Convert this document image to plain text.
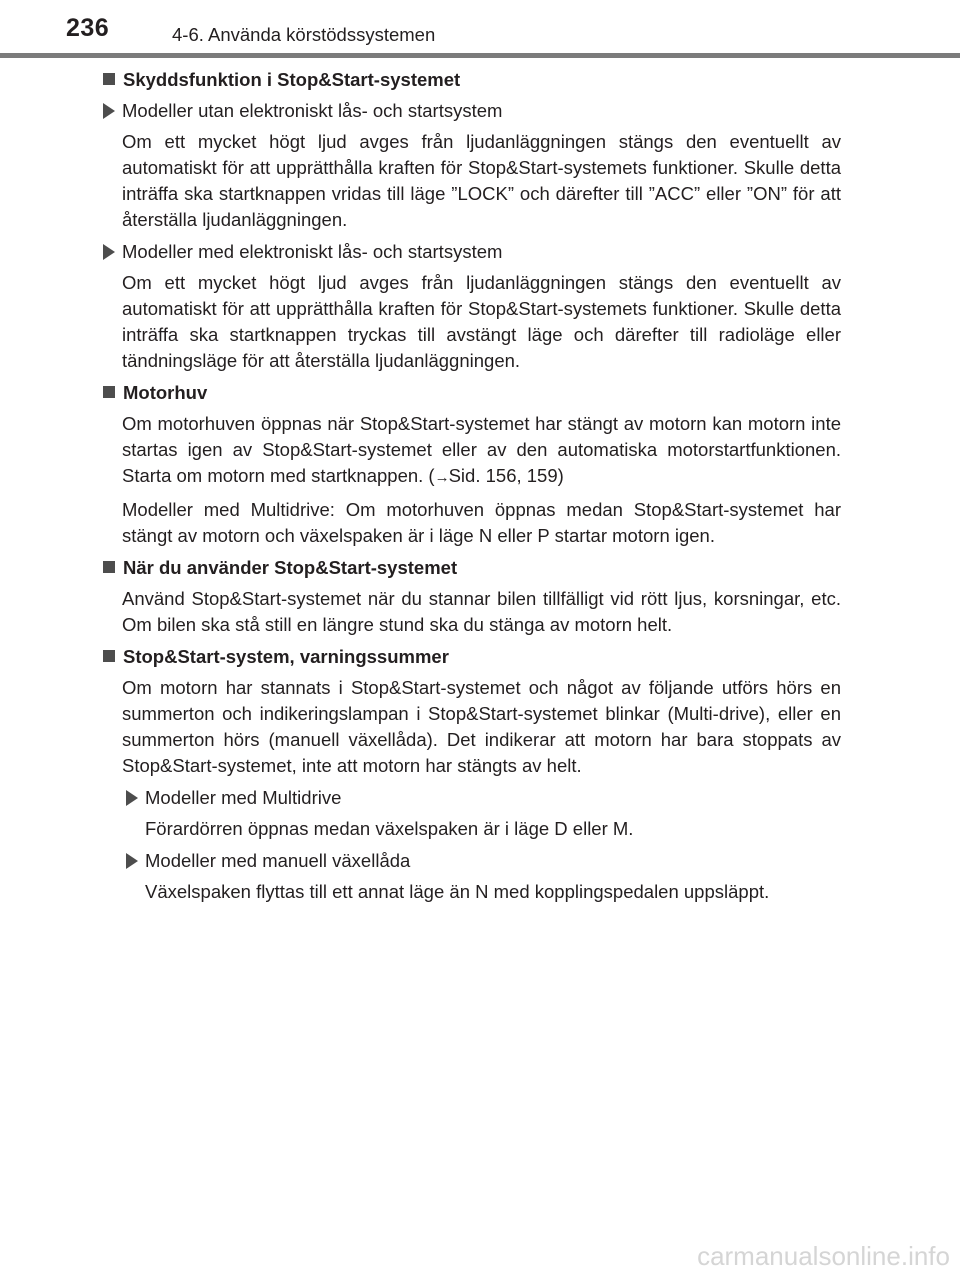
236	4-6. Använda körstödssystemen
Skyddsfunktion i Stop&Start-systemet
Modeller utan elektroniskt lås- och startsystem

Om ett mycket högt ljud avges från ljudanläggningen stängs den eventuellt av automatiskt för att upprätthålla kraften för Stop&Start-systemets funktioner. Skulle detta inträffa ska startknappen vridas till läge ”LOCK” och därefter till ”ACC” eller ”ON” för att återställa ljudanläggningen.

Modeller med elektroniskt lås- och startsystem

Om ett mycket högt ljud avges från ljudanläggningen stängs den eventuellt av automatiskt för att upprätthålla kraften för Stop&Start-systemets funktioner. Skulle detta inträffa ska startknappen tryckas till avstängt läge och därefter till radioläge eller tändningsläge för att återställa ljudanläggningen.

Motorhuv

Om motorhuven öppnas när Stop&Start-systemet har stängt av motorn kan motorn inte startas igen av Stop&Start-systemet eller av den automatiska motorstartfunktionen. Starta om motorn med startknappen. (→Sid. 156, 159)

Modeller med Multidrive: Om motorhuven öppnas medan Stop&Start-systemet har stängt av motorn och växelspaken är i läge N eller P startar motorn igen.

När du använder Stop&Start-systemet

Använd Stop&Start-systemet när du stannar bilen tillfälligt vid rött ljus, korsningar, etc. Om bilen ska stå still en längre stund ska du stänga av motorn helt.

Stop&Start-system, varningssummer

Om motorn har stannats i Stop&Start-systemet och något av följande utförs hörs en summerton och indikeringslampan i Stop&Start-systemet blinkar (Multi-drive), eller en summerton hörs (manuell växellåda). Det indikerar att motorn har bara stoppats av Stop&Start-systemet, inte att motorn har stängts av helt.

Modeller med Multidrive

Förardörren öppnas medan växelspaken är i läge D eller M.

Modeller med manuell växellåda

Växelspaken flyttas till ett annat läge än N med kopplingspedalen uppsläppt.

carmanualsonline.info
